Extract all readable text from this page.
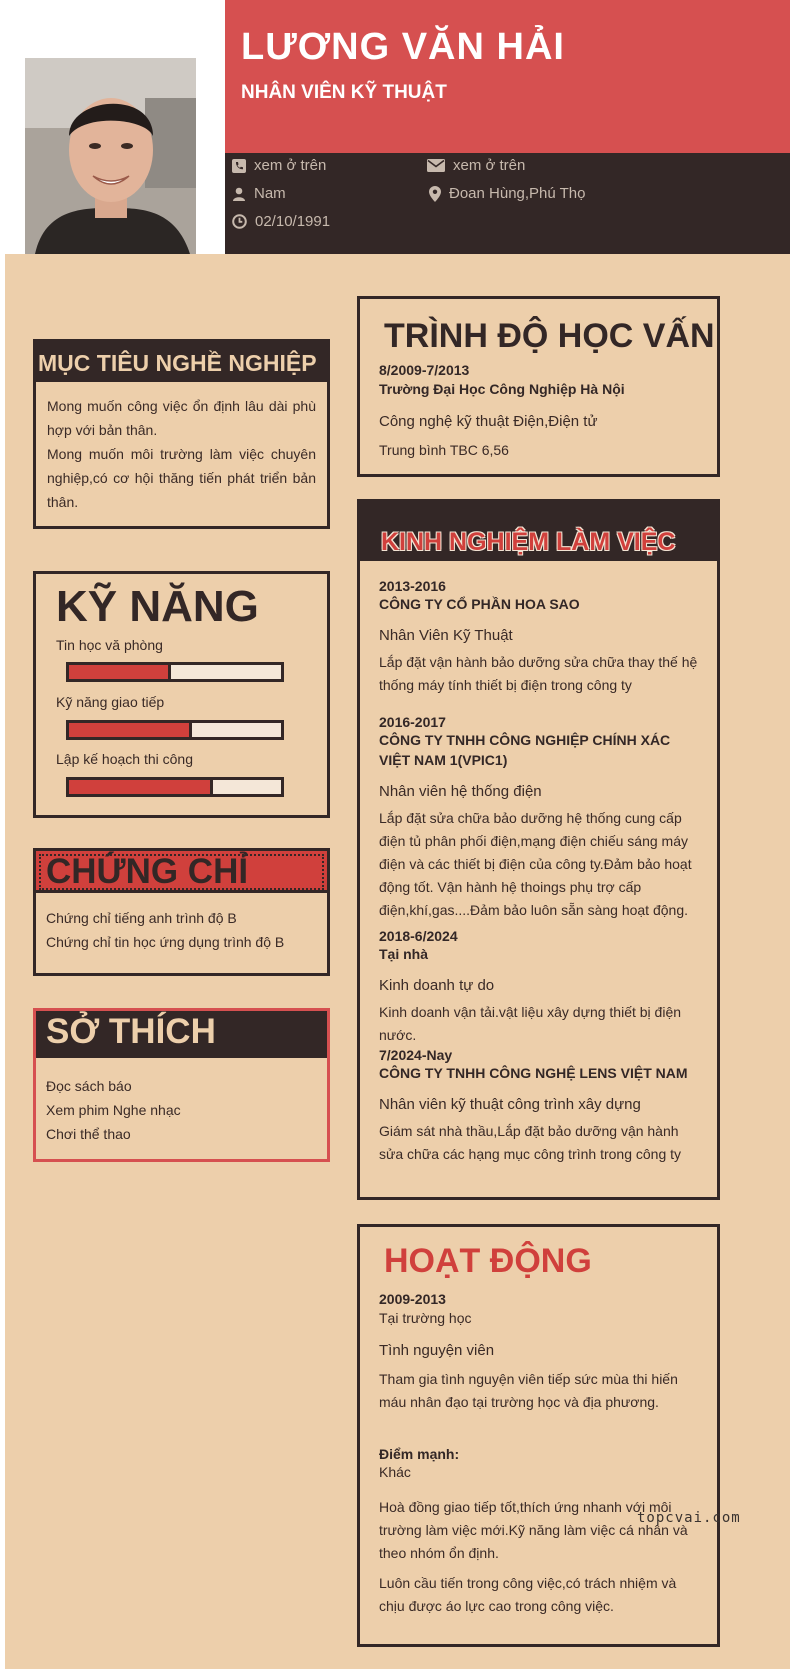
LƯƠNG VĂN HẢI
NHÂN VIÊN KỸ THUẬT
xem ở trên	xem ở trên
Nam	Đoan Hùng,Phú Thọ
02/10/1991
MỤC TIÊU NGHỀ NGHIỆP
Mong muốn công việc ổn định lâu dài phù hợp với bản thân.
Mong muốn môi trường làm việc chuyên nghiệp,có cơ hội thăng tiến phát triển bản thân.
KỸ NĂNG
Tin học vă phòng
Kỹ năng giao tiếp
Lập kế hoạch thi công
CHỨNG CHỈ
Chứng chỉ tiếng anh trình độ B
Chứng chỉ tin học ứng dụng trình độ B
SỞ THÍCH
Đọc sách báo
Xem phim Nghe nhạc
Chơi thể thao
TRÌNH ĐỘ HỌC VẤN
8/2009-7/2013
Trường Đại Học Công Nghiệp Hà Nội
Công nghệ kỹ thuật Điện,Điện tử
Trung bình TBC 6,56
KINH NGHIỆM LÀM VIỆC
2013-2016
CÔNG TY CỔ PHẦN HOA SAO
Nhân Viên Kỹ Thuật
Lắp đặt vận hành bảo dưỡng sửa chữa thay thế hệ thống máy tính thiết bị điện trong công ty
2016-2017
CÔNG TY TNHH CÔNG NGHIỆP CHÍNH XÁC VIỆT NAM 1(VPIC1)
Nhân viên hệ thống điện
Lắp đặt sửa chữa bảo dưỡng hệ thống cung cấp điện tủ phân phối điện,mạng điện chiếu sáng máy điện và các thiết bị điện của công ty.Đảm bảo hoạt động tốt. Vận hành hệ thoings phụ trợ cấp điện,khí,gas....Đảm bảo luôn sẵn sàng hoạt động.
2018-6/2024
Tại nhà
Kinh doanh tự do
Kinh doanh vận tải.vật liệu xây dựng thiết bị điện nước.
7/2024-Nay
CÔNG TY TNHH CÔNG NGHỆ LENS VIỆT NAM
Nhân viên kỹ thuật công trình xây dựng
Giám sát nhà thầu,Lắp đặt bảo dưỡng vận hành sửa chữa các hạng mục công trình trong công ty
HOẠT ĐỘNG
2009-2013
Tại trường học
Tình nguyện viên
Tham gia tình nguyện viên tiếp sức mùa thi hiến máu nhân đạo tại trường học và địa phương.
Điểm mạnh:
Khác
Hoà đồng giao tiếp tốt,thích ứng nhanh với môi trường làm việc mới.Kỹ năng làm việc cá nhân và theo nhóm ổn định.
Luôn cầu tiến trong công việc,có trách nhiệm và chịu được áo lực cao trong công việc.
topcvai.com
